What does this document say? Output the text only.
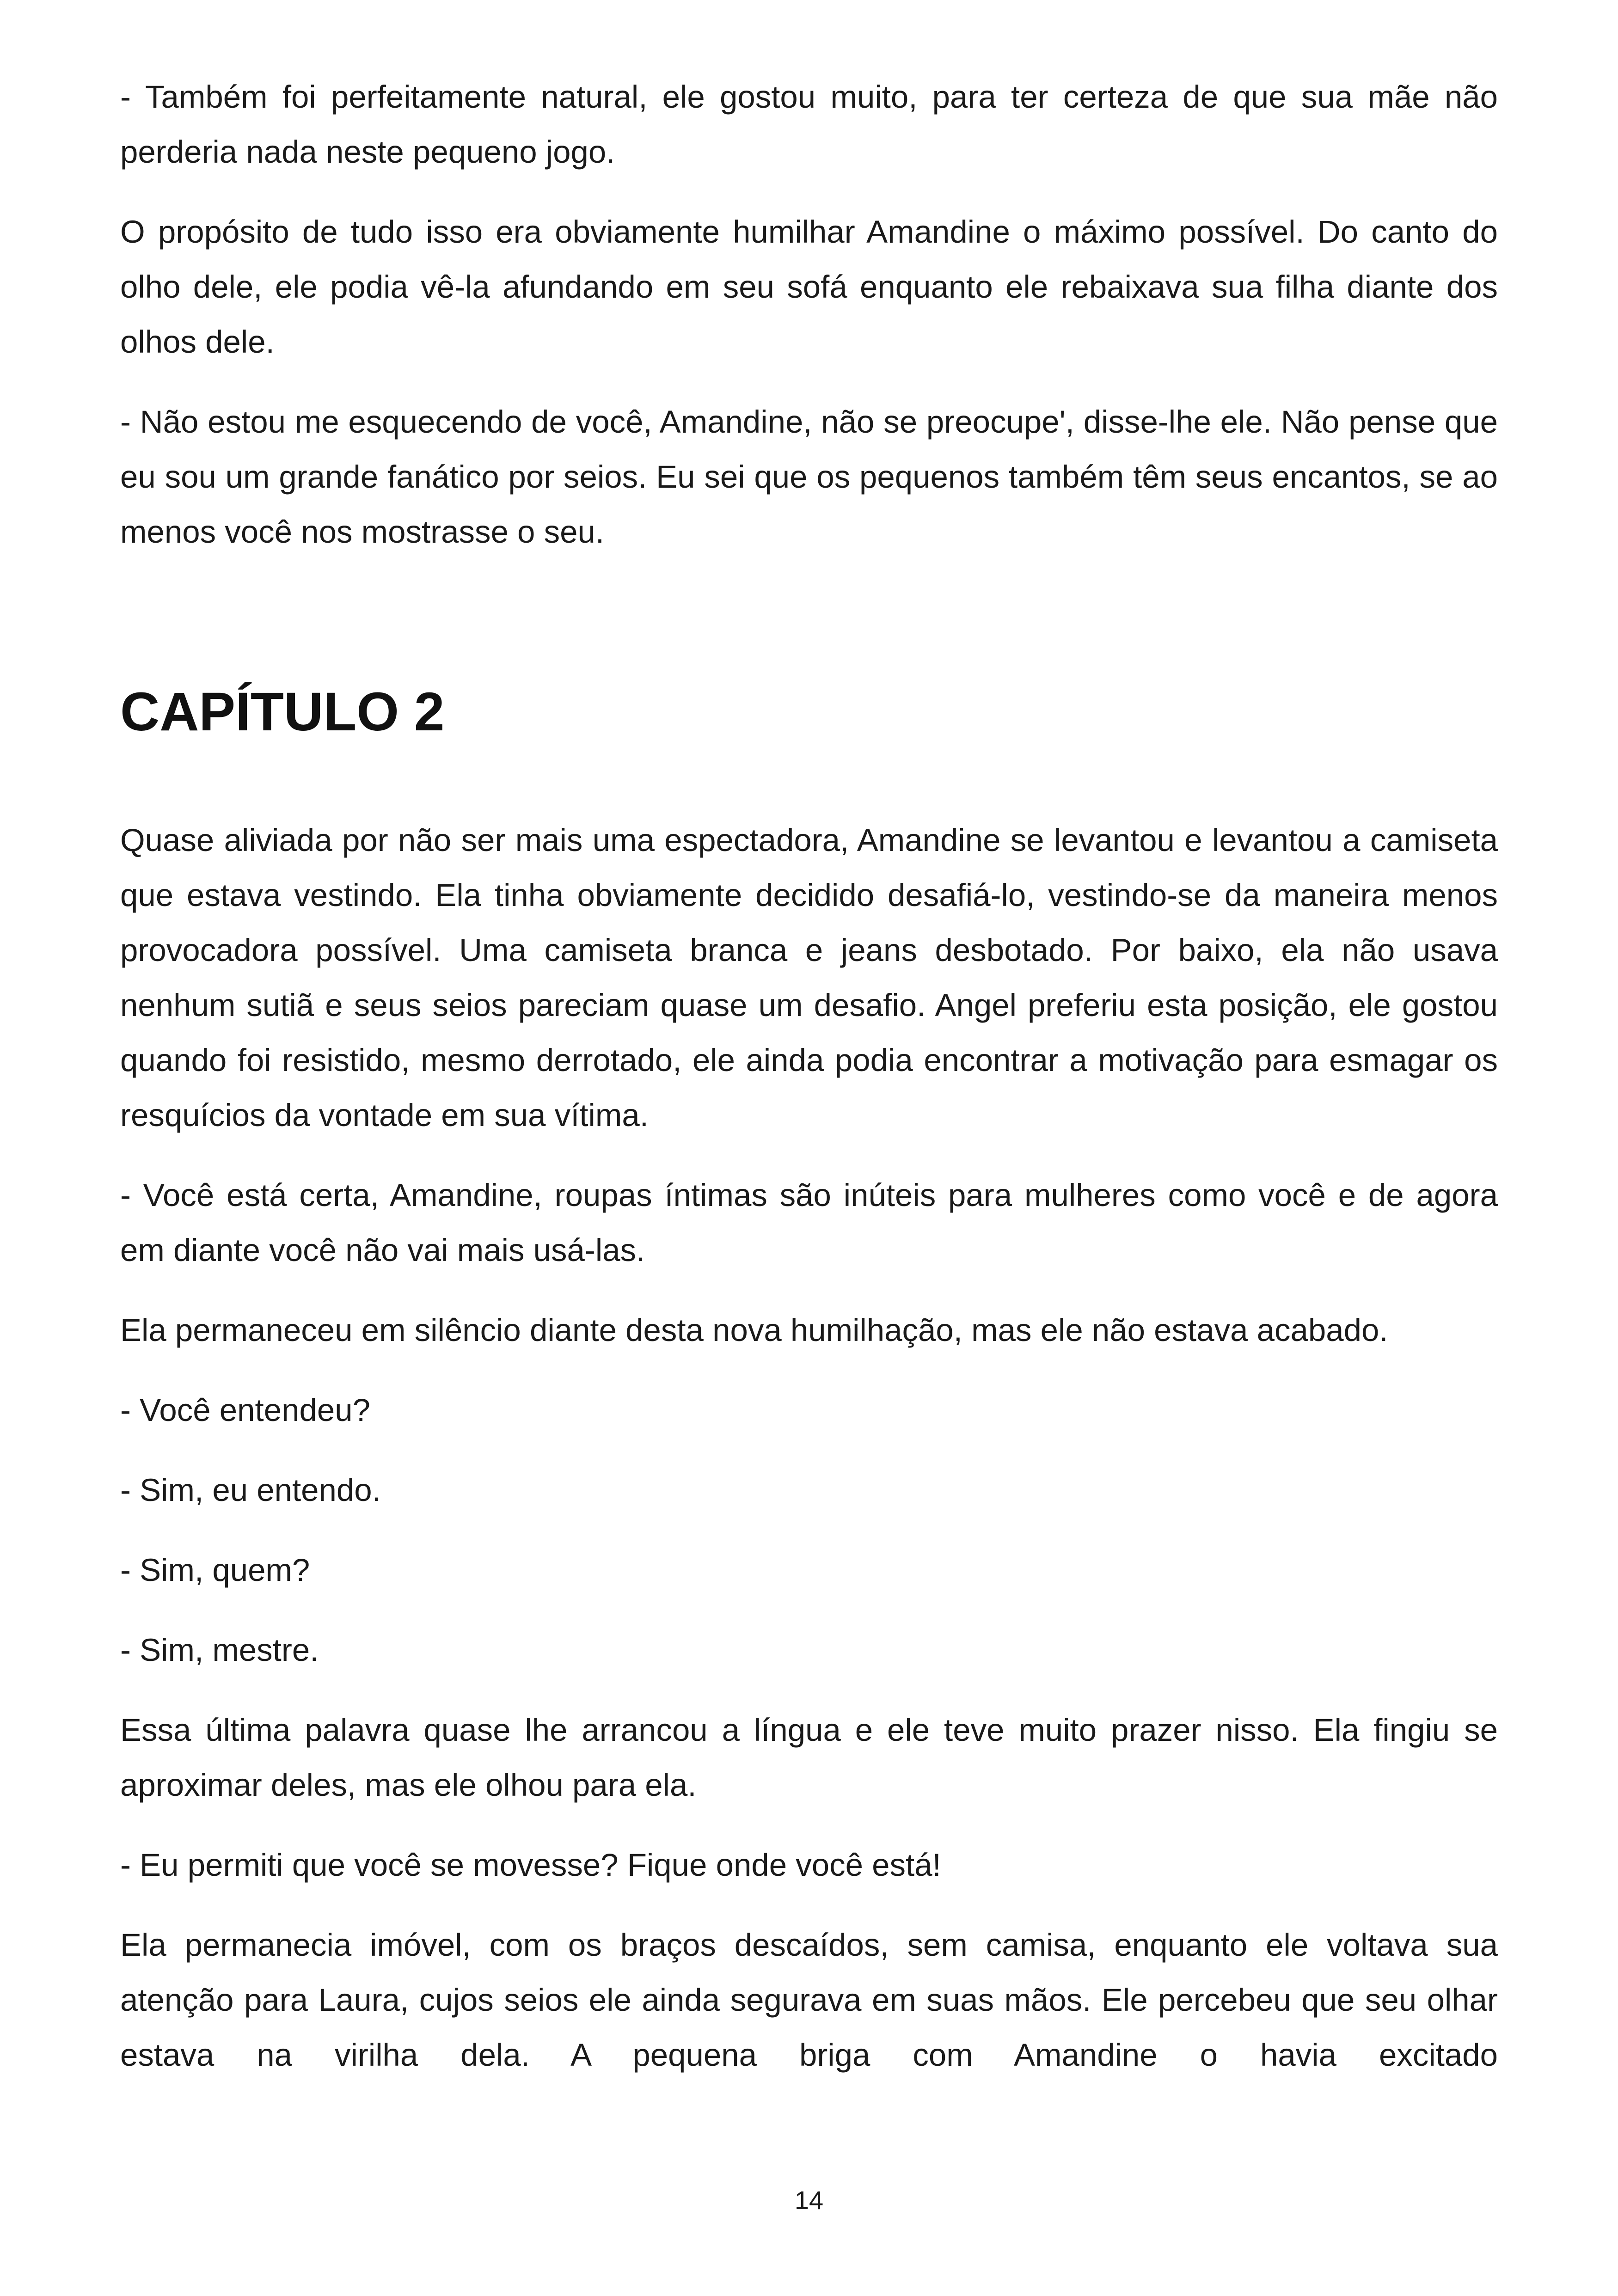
- Também foi perfeitamente natural, ele gostou muito, para ter certeza de que sua mãe não perderia nada neste pequeno jogo.

O propósito de tudo isso era obviamente humilhar Amandine o máximo possível. Do canto do olho dele, ele podia vê-la afundando em seu sofá enquanto ele rebaixava sua filha diante dos olhos dele.

- Não estou me esquecendo de você, Amandine, não se preocupe', disse-lhe ele. Não pense que eu sou um grande fanático por seios. Eu sei que os pequenos também têm seus encantos, se ao menos você nos mostrasse o seu.

CAPÍTULO 2

Quase aliviada por não ser mais uma espectadora, Amandine se levantou e levantou a camiseta que estava vestindo. Ela tinha obviamente decidido desafiá-lo, vestindo-se da maneira menos provocadora possível. Uma camiseta branca e jeans desbotado. Por baixo, ela não usava nenhum sutiã e seus seios pareciam quase um desafio. Angel preferiu esta posição, ele gostou quando foi resistido, mesmo derrotado, ele ainda podia encontrar a motivação para esmagar os resquícios da vontade em sua vítima.

- Você está certa, Amandine, roupas íntimas são inúteis para mulheres como você e de agora em diante você não vai mais usá-las.

Ela permaneceu em silêncio diante desta nova humilhação, mas ele não estava acabado.

- Você entendeu?

- Sim, eu entendo.

- Sim, quem?

- Sim, mestre.

Essa última palavra quase lhe arrancou a língua e ele teve muito prazer nisso. Ela fingiu se aproximar deles, mas ele olhou para ela.

- Eu permiti que você se movesse? Fique onde você está!

Ela permanecia imóvel, com os braços descaídos, sem camisa, enquanto ele voltava sua atenção para Laura, cujos seios ele ainda segurava em suas mãos. Ele percebeu que seu olhar estava na virilha dela. A pequena briga com Amandine o havia excitado

14
